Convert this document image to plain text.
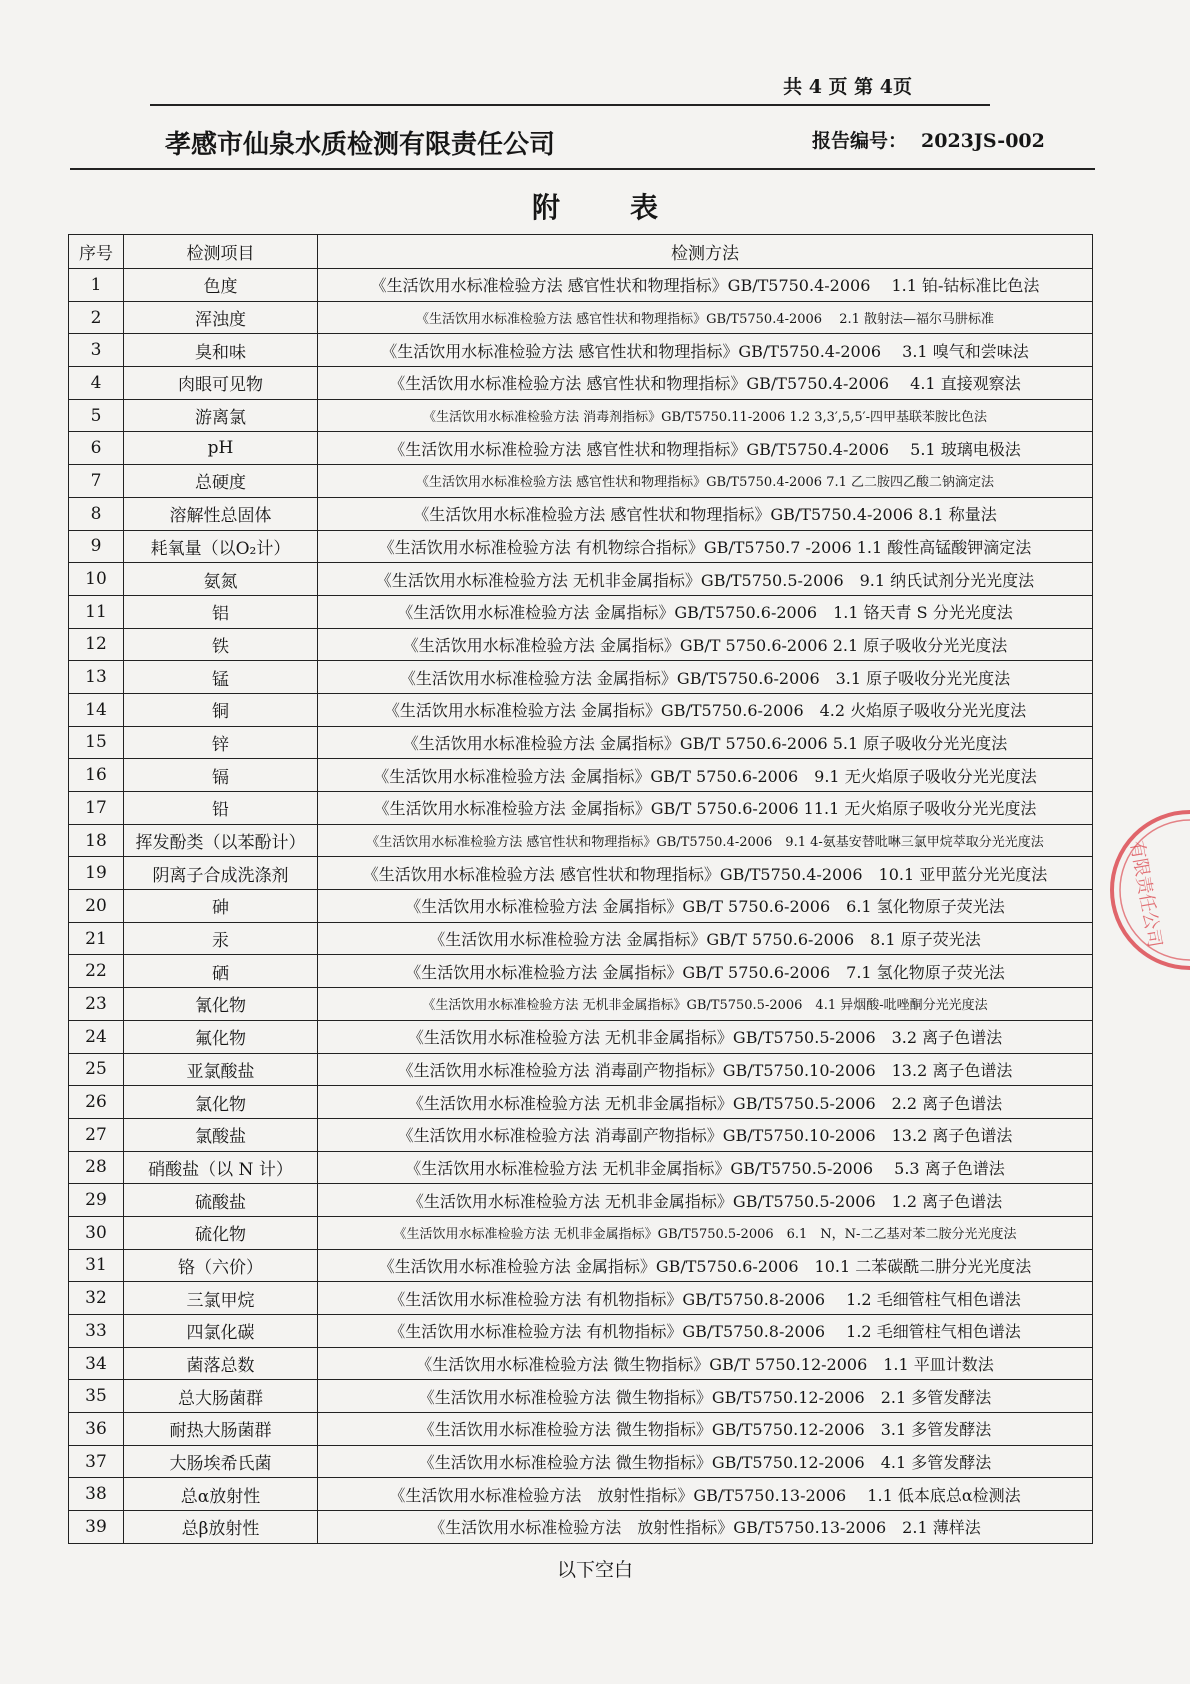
共 4 页 第 4页
孝感市仙泉水质检测有限责任公司	报告编号： 2023JS-002
附表
序号	检测项目	检测方法
1	色度	《生活饮用水标准检验方法 感官性状和物理指标》GB/T5750.4-2006　 1.1 铂-钴标准比色法
2	浑浊度	《生活饮用水标准检验方法 感官性状和物理指标》GB/T5750.4-2006　 2.1 散射法—福尔马肼标准
3	臭和味	《生活饮用水标准检验方法 感官性状和物理指标》GB/T5750.4-2006　 3.1 嗅气和尝味法
4	肉眼可见物	《生活饮用水标准检验方法 感官性状和物理指标》GB/T5750.4-2006　 4.1 直接观察法
5	游离氯	《生活饮用水标准检验方法 消毒剂指标》GB/T5750.11-2006 1.2 3,3′,5,5′-四甲基联苯胺比色法
6	pH	《生活饮用水标准检验方法 感官性状和物理指标》GB/T5750.4-2006　 5.1 玻璃电极法
7	总硬度	《生活饮用水标准检验方法 感官性状和物理指标》GB/T5750.4-2006 7.1 乙二胺四乙酸二钠滴定法
8	溶解性总固体	《生活饮用水标准检验方法 感官性状和物理指标》GB/T5750.4-2006 8.1 称量法
9	耗氧量（以O₂计）	《生活饮用水标准检验方法 有机物综合指标》GB/T5750.7 -2006 1.1 酸性高锰酸钾滴定法
10	氨氮	《生活饮用水标准检验方法 无机非金属指标》GB/T5750.5-2006　9.1 纳氏试剂分光光度法
11	铝	《生活饮用水标准检验方法 金属指标》GB/T5750.6-2006　1.1 铬天青 S 分光光度法
12	铁	《生活饮用水标准检验方法 金属指标》GB/T 5750.6-2006 2.1 原子吸收分光光度法
13	锰	《生活饮用水标准检验方法 金属指标》GB/T5750.6-2006　3.1 原子吸收分光光度法
14	铜	《生活饮用水标准检验方法 金属指标》GB/T5750.6-2006　4.2 火焰原子吸收分光光度法
15	锌	《生活饮用水标准检验方法 金属指标》GB/T 5750.6-2006 5.1 原子吸收分光光度法
16	镉	《生活饮用水标准检验方法 金属指标》GB/T 5750.6-2006　9.1 无火焰原子吸收分光光度法
17	铅	《生活饮用水标准检验方法 金属指标》GB/T 5750.6-2006 11.1 无火焰原子吸收分光光度法
18	挥发酚类（以苯酚计）	《生活饮用水标准检验方法 感官性状和物理指标》GB/T5750.4-2006　9.1 4-氨基安替吡啉三氯甲烷萃取分光光度法
19	阴离子合成洗涤剂	《生活饮用水标准检验方法 感官性状和物理指标》GB/T5750.4-2006　10.1 亚甲蓝分光光度法
20	砷	《生活饮用水标准检验方法 金属指标》GB/T 5750.6-2006　6.1 氢化物原子荧光法
21	汞	《生活饮用水标准检验方法 金属指标》GB/T 5750.6-2006　8.1 原子荧光法
22	硒	《生活饮用水标准检验方法 金属指标》GB/T 5750.6-2006　7.1 氢化物原子荧光法
23	氰化物	《生活饮用水标准检验方法 无机非金属指标》GB/T5750.5-2006　4.1 异烟酸-吡唑酮分光光度法
24	氟化物	《生活饮用水标准检验方法 无机非金属指标》GB/T5750.5-2006　3.2 离子色谱法
25	亚氯酸盐	《生活饮用水标准检验方法 消毒副产物指标》GB/T5750.10-2006　13.2 离子色谱法
26	氯化物	《生活饮用水标准检验方法 无机非金属指标》GB/T5750.5-2006　2.2 离子色谱法
27	氯酸盐	《生活饮用水标准检验方法 消毒副产物指标》GB/T5750.10-2006　13.2 离子色谱法
28	硝酸盐（以 N 计）	《生活饮用水标准检验方法 无机非金属指标》GB/T5750.5-2006　 5.3 离子色谱法
29	硫酸盐	《生活饮用水标准检验方法 无机非金属指标》GB/T5750.5-2006　1.2 离子色谱法
30	硫化物	《生活饮用水标准检验方法 无机非金属指标》GB/T5750.5-2006　6.1　N，N-二乙基对苯二胺分光光度法
31	铬（六价）	《生活饮用水标准检验方法 金属指标》GB/T5750.6-2006　10.1 二苯碳酰二肼分光光度法
32	三氯甲烷	《生活饮用水标准检验方法 有机物指标》GB/T5750.8-2006　 1.2 毛细管柱气相色谱法
33	四氯化碳	《生活饮用水标准检验方法 有机物指标》GB/T5750.8-2006　 1.2 毛细管柱气相色谱法
34	菌落总数	《生活饮用水标准检验方法 微生物指标》GB/T 5750.12-2006　1.1 平皿计数法
35	总大肠菌群	《生活饮用水标准检验方法 微生物指标》GB/T5750.12-2006　2.1 多管发酵法
36	耐热大肠菌群	《生活饮用水标准检验方法 微生物指标》GB/T5750.12-2006　3.1 多管发酵法
37	大肠埃希氏菌	《生活饮用水标准检验方法 微生物指标》GB/T5750.12-2006　4.1 多管发酵法
38	总α放射性	《生活饮用水标准检验方法　放射性指标》GB/T5750.13-2006　 1.1 低本底总α检测法
39	总β放射性	《生活饮用水标准检验方法　放射性指标》GB/T5750.13-2006　2.1 薄样法
以下空白
有限责任公司
